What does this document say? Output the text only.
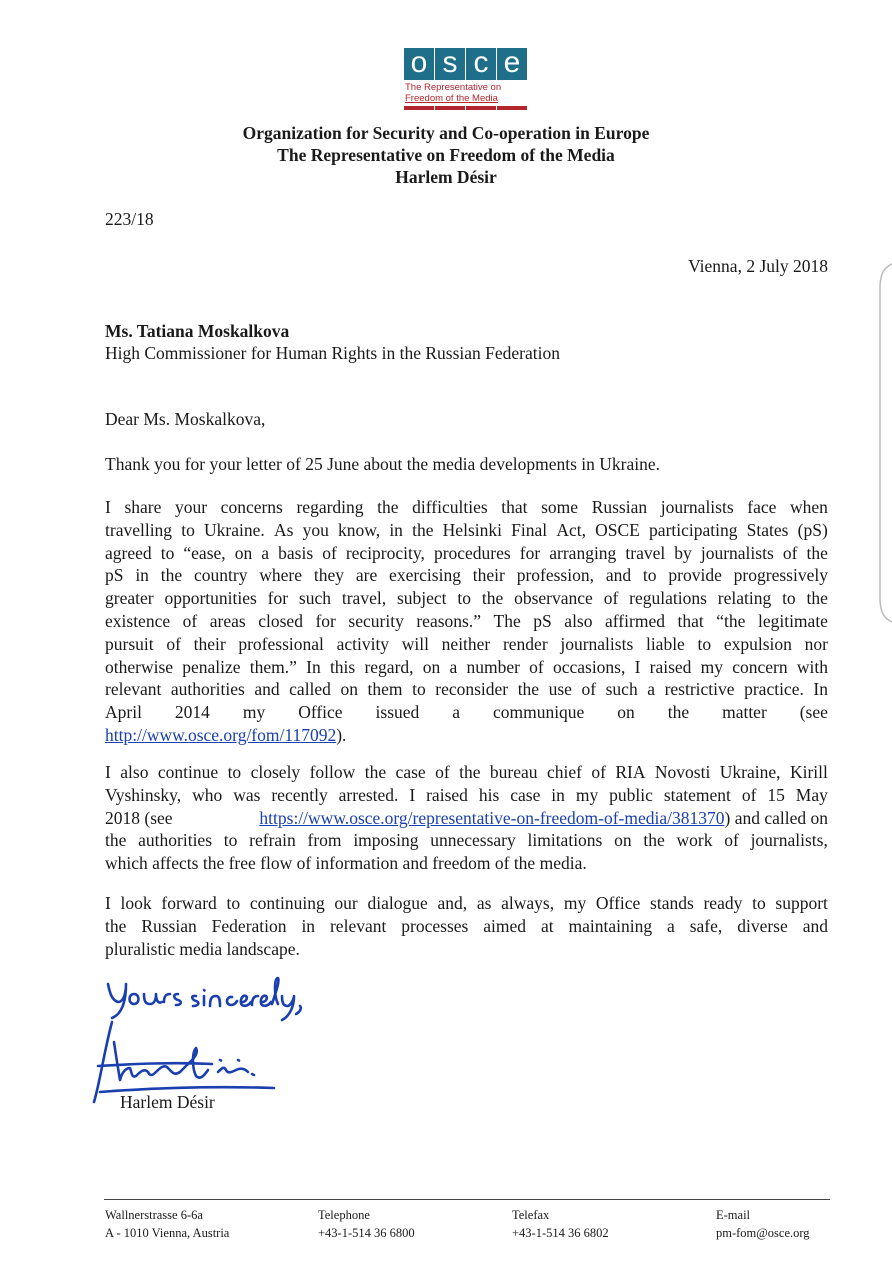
o s c e
The Representative on
Freedom of the Media
Organization for Security and Co-operation in Europe
The Representative on Freedom of the Media
Harlem Désir
223/18
Vienna, 2 July 2018
Ms. Tatiana Moskalkova
High Commissioner for Human Rights in the Russian Federation
Dear Ms. Moskalkova,
Thank you for your letter of 25 June about the media developments in Ukraine.
I share your concerns regarding the difficulties that some Russian journalists face when
travelling to Ukraine. As you know, in the Helsinki Final Act, OSCE participating States (pS)
agreed to “ease, on a basis of reciprocity, procedures for arranging travel by journalists of the
pS in the country where they are exercising their profession, and to provide progressively
greater opportunities for such travel, subject to the observance of regulations relating to the
existence of areas closed for security reasons.” The pS also affirmed that “the legitimate
pursuit of their professional activity will neither render journalists liable to expulsion nor
otherwise penalize them.” In this regard, on a number of occasions, I raised my concern with
relevant authorities and called on them to reconsider the use of such a restrictive practice. In
April 2014 my Office issued a communique on the matter (see
http://www.osce.org/fom/117092 ).
I also continue to closely follow the case of the bureau chief of RIA Novosti Ukraine, Kirill
Vyshinsky, who was recently arrested. I raised his case in my public statement of 15 May
2018 (see	https://www.osce.org/representative-on-freedom-of-media/381370) and called on
the authorities to refrain from imposing unnecessary limitations on the work of journalists,
which affects the free flow of information and freedom of the media.
I look forward to continuing our dialogue and, as always, my Office stands ready to support
the Russian Federation in relevant processes aimed at maintaining a safe, diverse and
pluralistic media landscape.
Harlem Désir
Wallnerstrasse 6-6a
A - 1010 Vienna, Austria
Telephone
+43-1-514 36 6800
Telefax
+43-1-514 36 6802
E-mail
pm-fom@osce.org
